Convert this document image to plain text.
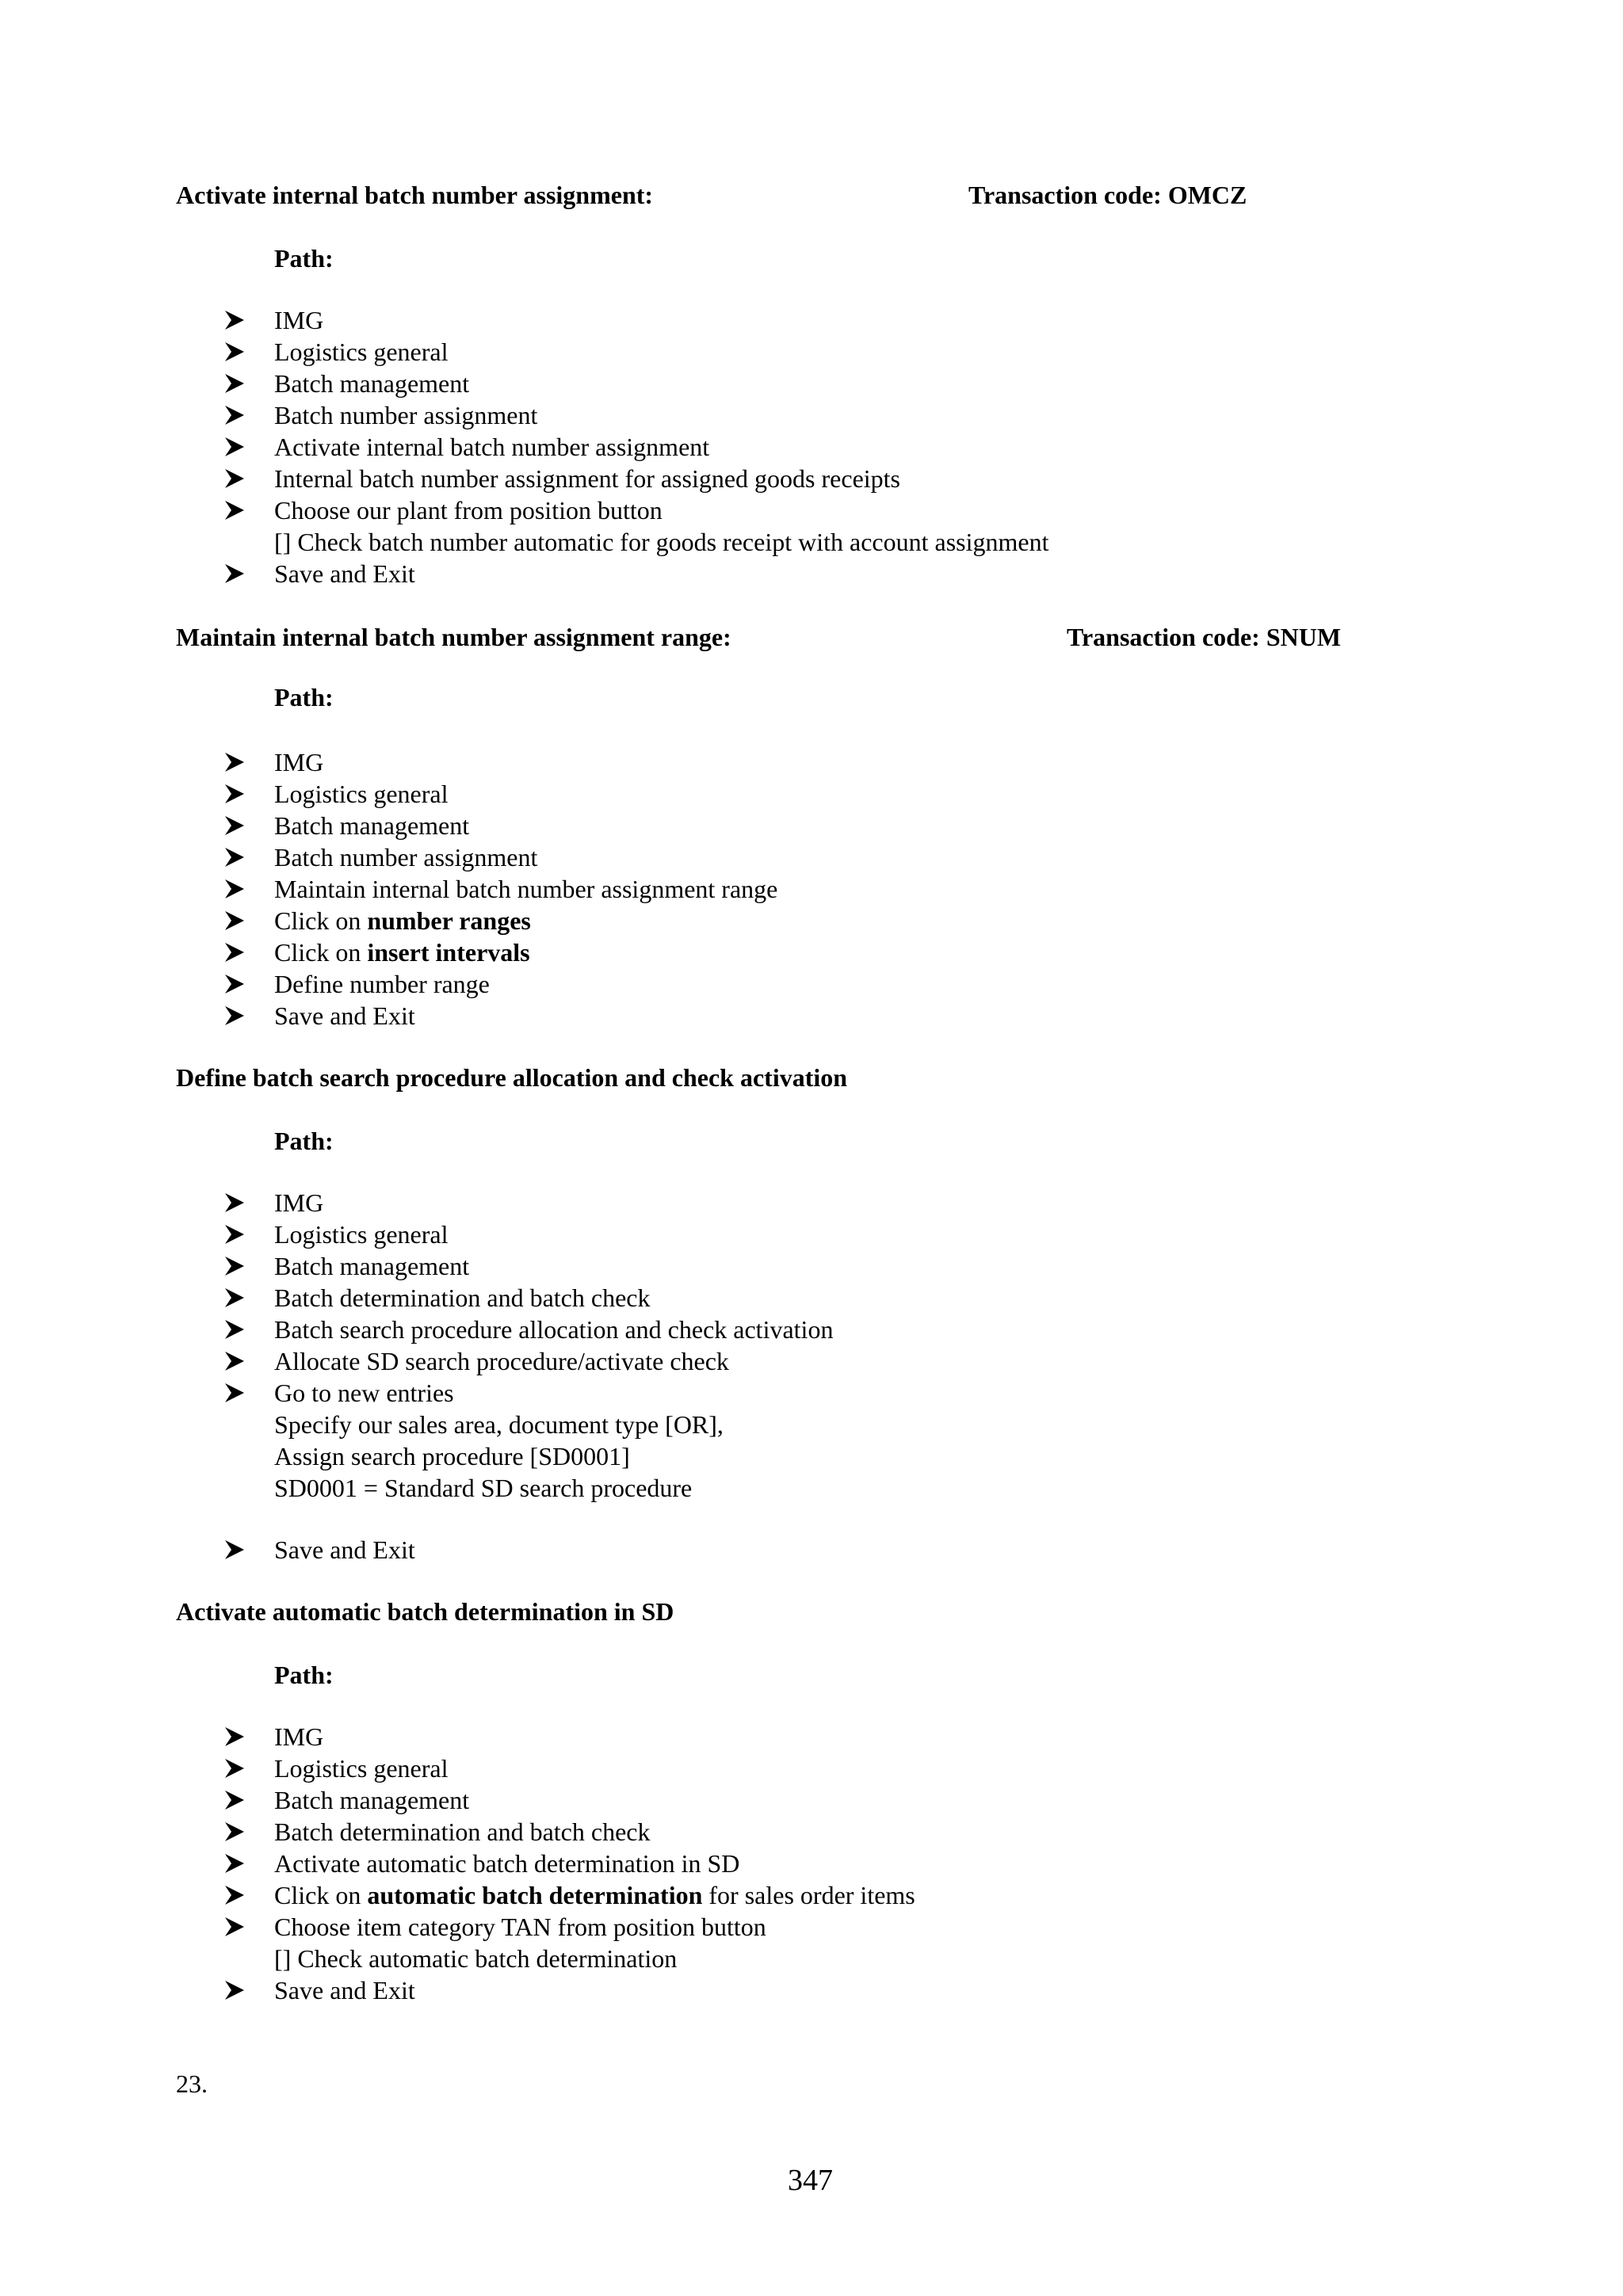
Activate internal batch number assignment:	Transaction code: OMCZ
Path:
IMG
Logistics general
Batch management
Batch number assignment
Activate internal batch number assignment
Internal batch number assignment for assigned goods receipts
Choose our plant from position button
[] Check batch number automatic for goods receipt with account assignment
Save and Exit
Maintain internal batch number assignment range:	Transaction code: SNUM
Path:
IMG
Logistics general
Batch management
Batch number assignment
Maintain internal batch number assignment range
Click on number ranges
Click on insert intervals
Define number range
Save and Exit
Define batch search procedure allocation and check activation
Path:
IMG
Logistics general
Batch management
Batch determination and batch check
Batch search procedure allocation and check activation
Allocate SD search procedure/activate check
Go to new entries
Specify our sales area, document type [OR],
Assign search procedure [SD0001]
SD0001 = Standard SD search procedure
Save and Exit
Activate automatic batch determination in SD
Path:
IMG
Logistics general
Batch management
Batch determination and batch check
Activate automatic batch determination in SD
Click on automatic batch determination for sales order items
Choose item category TAN from position button
[] Check automatic batch determination
Save and Exit
23.
347
